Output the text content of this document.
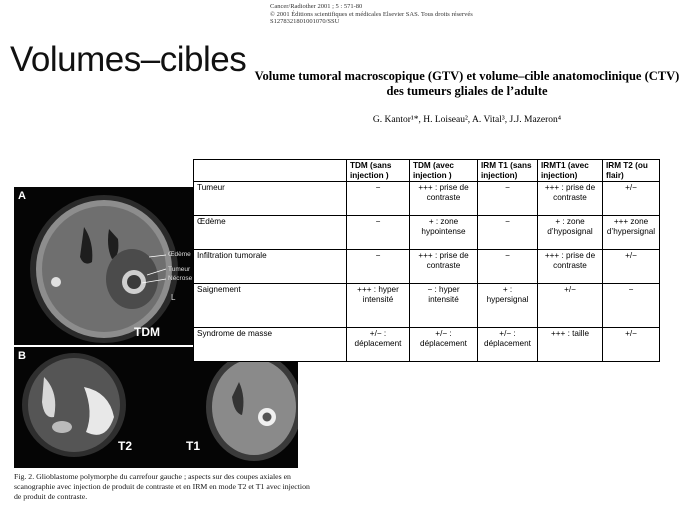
Cancer/Radiother 2001 ; 5 : 571-80
© 2001 Éditions scientifiques et médicales Elsevier SAS. Tous droits réservés
S1278321801001070/SSU
Volumes–cibles Volume tumoral macroscopique (GTV) et volume–cible anatomoclinique (CTV)
des tumeurs gliales de l’adulte
G. Kantor¹*, H. Loiseau², A. Vital³, J.J. Mazeron⁴
A
Œdème
Tumeur
Nécrose
L
TDM
B
T2	T1
Fig. 2. Glioblastome polymorphe du carrefour gauche ; aspects sur des coupes axiales en scanographie avec injection de produit de contraste et en IRM en mode T2 et T1 avec injection de produit de contraste.
	TDM (sans injection )	TDM (avec injection )	IRM T1 (sans injection)	IRMT1 (avec injection)	IRM T2 (ou flair)
Tumeur	−	+++ : prise de contraste	−	+++ : prise de contraste	+/−
Œdème	−	+ : zone hypointense	−	+ : zone d’hyposignal	+++ zone d’hypersignal
Infiltration tumorale	−	+++ : prise de contraste	−	+++ : prise de contraste	+/−
Saignement	+++ : hyper intensité	− : hyper intensité	+ : hypersignal	+/−	−
Syndrome de masse	+/− : déplacement	+/− : déplacement	+/− : déplacement	+++ : taille	+/−
